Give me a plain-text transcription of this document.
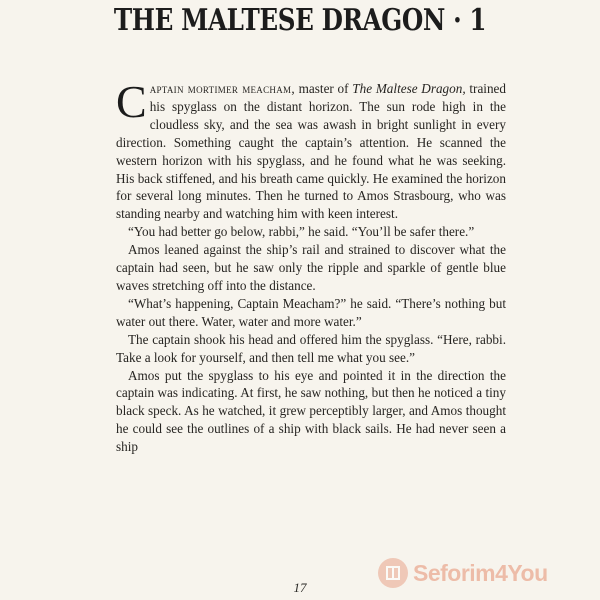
THE MALTESE DRAGON · 1

Captain mortimer meacham, master of The Maltese Dragon, trained his spyglass on the distant horizon. The sun rode high in the cloudless sky, and the sea was awash in bright sunlight in every direction. Something caught the captain’s attention. He scanned the western horizon with his spyglass, and he found what he was seeking. His back stiffened, and his breath came quickly. He examined the horizon for several long minutes. Then he turned to Amos Strasbourg, who was standing nearby and watching him with keen interest.

“You had better go below, rabbi,” he said. “You’ll be safer there.”

Amos leaned against the ship’s rail and strained to discover what the captain had seen, but he saw only the ripple and sparkle of gentle blue waves stretching off into the distance.

“What’s happening, Captain Meacham?” he said. “There’s nothing but water out there. Water, water and more water.”

The captain shook his head and offered him the spyglass. “Here, rabbi. Take a look for yourself, and then tell me what you see.”

Amos put the spyglass to his eye and pointed it in the direction the captain was indicating. At first, he saw nothing, but then he noticed a tiny black speck. As he watched, it grew perceptibly larger, and Amos thought he could see the outlines of a ship with black sails. He had never seen a ship

17
Seforim4You
